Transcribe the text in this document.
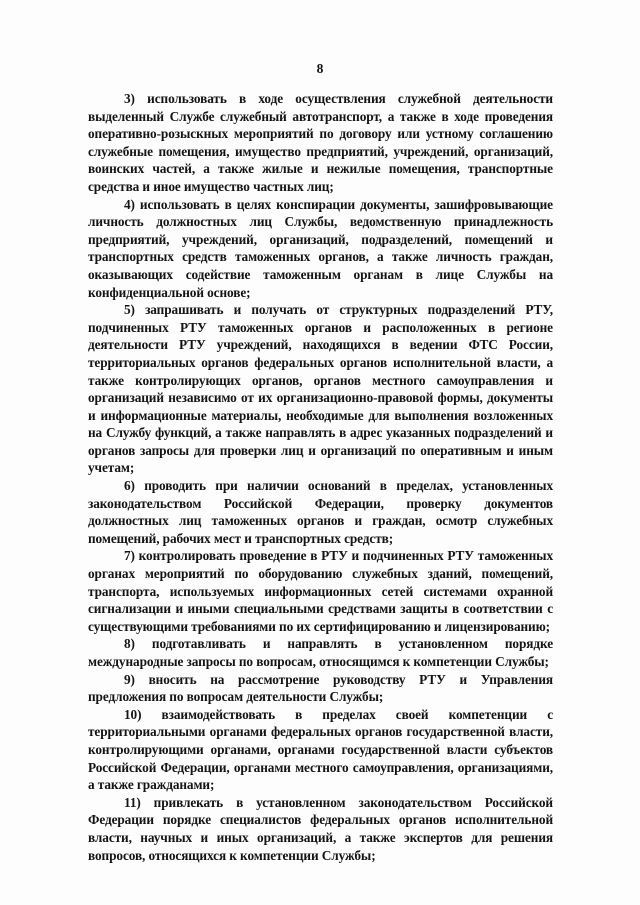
8

3) использовать в ходе осуществления служебной деятельности выделенный Службе служебный автотранспорт, а также в ходе проведения оперативно-розыскных мероприятий по договору или устному соглашению служебные помещения, имущество предприятий, учреждений, организаций, воинских частей, а также жилые и нежилые помещения, транспортные средства и иное имущество частных лиц;

4) использовать в целях конспирации документы, зашифровывающие личность должностных лиц Службы, ведомственную принадлежность предприятий, учреждений, организаций, подразделений, помещений и транспортных средств таможенных органов, а также личность граждан, оказывающих содействие таможенным органам в лице Службы на конфиденциальной основе;

5) запрашивать и получать от структурных подразделений РТУ, подчиненных РТУ таможенных органов и расположенных в регионе деятельности РТУ учреждений, находящихся в ведении ФТС России, территориальных органов федеральных органов исполнительной власти, а также контролирующих органов, органов местного самоуправления и организаций независимо от их организационно-правовой формы, документы и информационные материалы, необходимые для выполнения возложенных на Службу функций, а также направлять в адрес указанных подразделений и органов запросы для проверки лиц и организаций по оперативным и иным учетам;

6) проводить при наличии оснований в пределах, установленных законодательством Российской Федерации, проверку документов должностных лиц таможенных органов и граждан, осмотр служебных помещений, рабочих мест и транспортных средств;

7) контролировать проведение в РТУ и подчиненных РТУ таможенных органах мероприятий по оборудованию служебных зданий, помещений, транспорта, используемых информационных сетей системами охранной сигнализации и иными специальными средствами защиты в соответствии с существующими требованиями по их сертифицированию и лицензированию;

8) подготавливать и направлять в установленном порядке международные запросы по вопросам, относящимся к компетенции Службы;

9) вносить на рассмотрение руководству РТУ и Управления предложения по вопросам деятельности Службы;

10) взаимодействовать в пределах своей компетенции с территориальными органами федеральных органов государственной власти, контролирующими органами, органами государственной власти субъектов Российской Федерации, органами местного самоуправления, организациями, а также гражданами;

11) привлекать в установленном законодательством Российской Федерации порядке специалистов федеральных органов исполнительной власти, научных и иных организаций, а также экспертов для решения вопросов, относящихся к компетенции Службы;
